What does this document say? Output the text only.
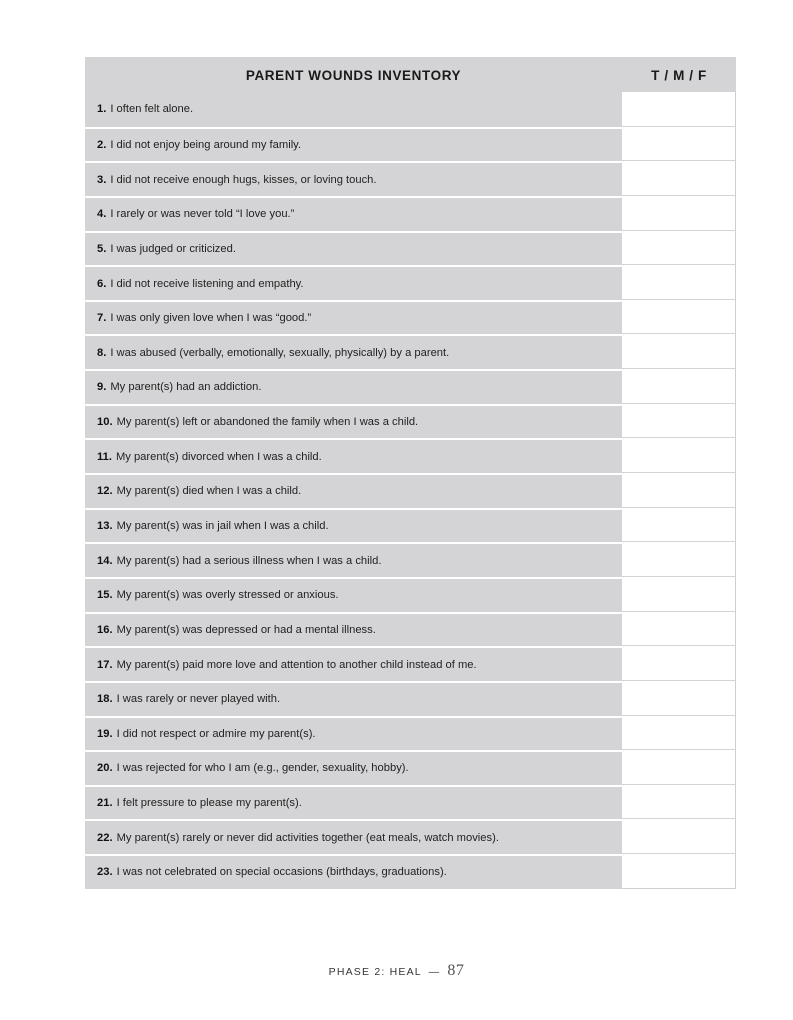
PARENT WOUNDS INVENTORY	T / M / F
1. I often felt alone.
2. I did not enjoy being around my family.
3. I did not receive enough hugs, kisses, or loving touch.
4. I rarely or was never told “I love you.”
5. I was judged or criticized.
6. I did not receive listening and empathy.
7. I was only given love when I was “good.”
8. I was abused (verbally, emotionally, sexually, physically) by a parent.
9. My parent(s) had an addiction.
10. My parent(s) left or abandoned the family when I was a child.
11. My parent(s) divorced when I was a child.
12. My parent(s) died when I was a child.
13. My parent(s) was in jail when I was a child.
14. My parent(s) had a serious illness when I was a child.
15. My parent(s) was overly stressed or anxious.
16. My parent(s) was depressed or had a mental illness.
17. My parent(s) paid more love and attention to another child instead of me.
18. I was rarely or never played with.
19. I did not respect or admire my parent(s).
20. I was rejected for who I am (e.g., gender, sexuality, hobby).
21. I felt pressure to please my parent(s).
22. My parent(s) rarely or never did activities together (eat meals, watch movies).
23. I was not celebrated on special occasions (birthdays, graduations).
PHASE 2: HEAL — 87
